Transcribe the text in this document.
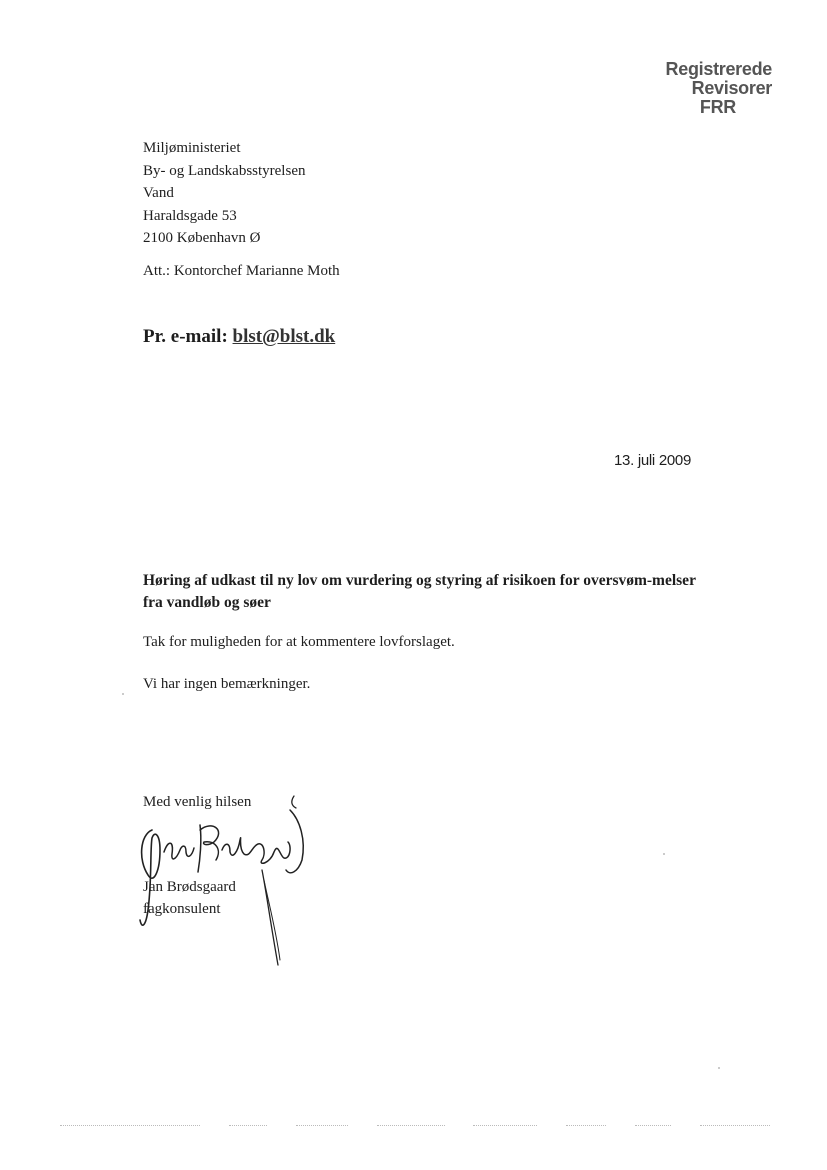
Registrerede
Revisorer
FRR
Miljøministeriet
By- og Landskabsstyrelsen
Vand
Haraldsgade 53
2100 København Ø
Att.: Kontorchef Marianne Moth
Pr. e-mail: blst@blst.dk
13. juli 2009
Høring af udkast til ny lov om vurdering og styring af risikoen for oversvøm-melser fra vandløb og søer
Tak for muligheden for at kommentere lovforslaget.
Vi har ingen bemærkninger.
Med venlig hilsen
Jan Brødsgaard
fagkonsulent
